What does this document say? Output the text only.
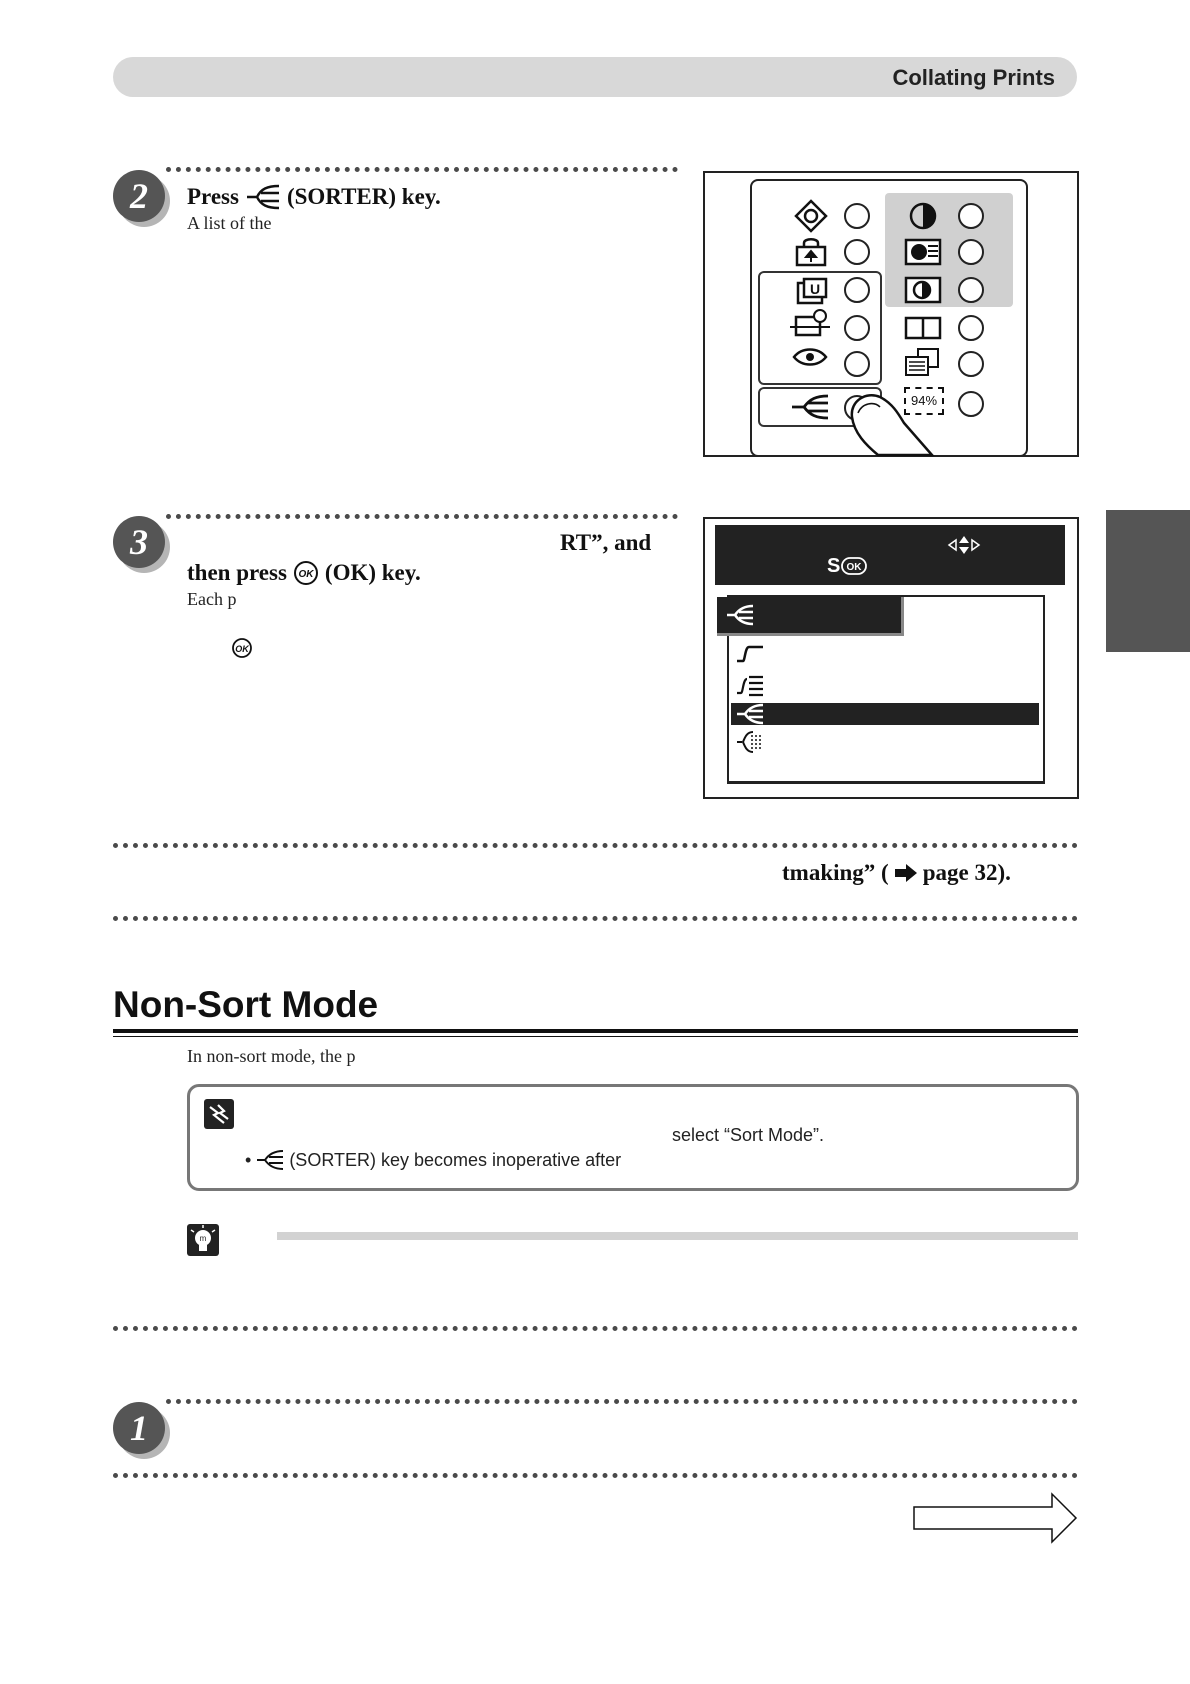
Collating Prints
2	Press (SORTER) key.
A list of the
U
94%
3	RT”, and
then press OK (OK) key.
Each p
OK
S OK
tmaking” ( page 32).
Non-Sort Mode
In non-sort mode, the p
select “Sort Mode”.
• (SORTER) key becomes inoperative after
m
1
